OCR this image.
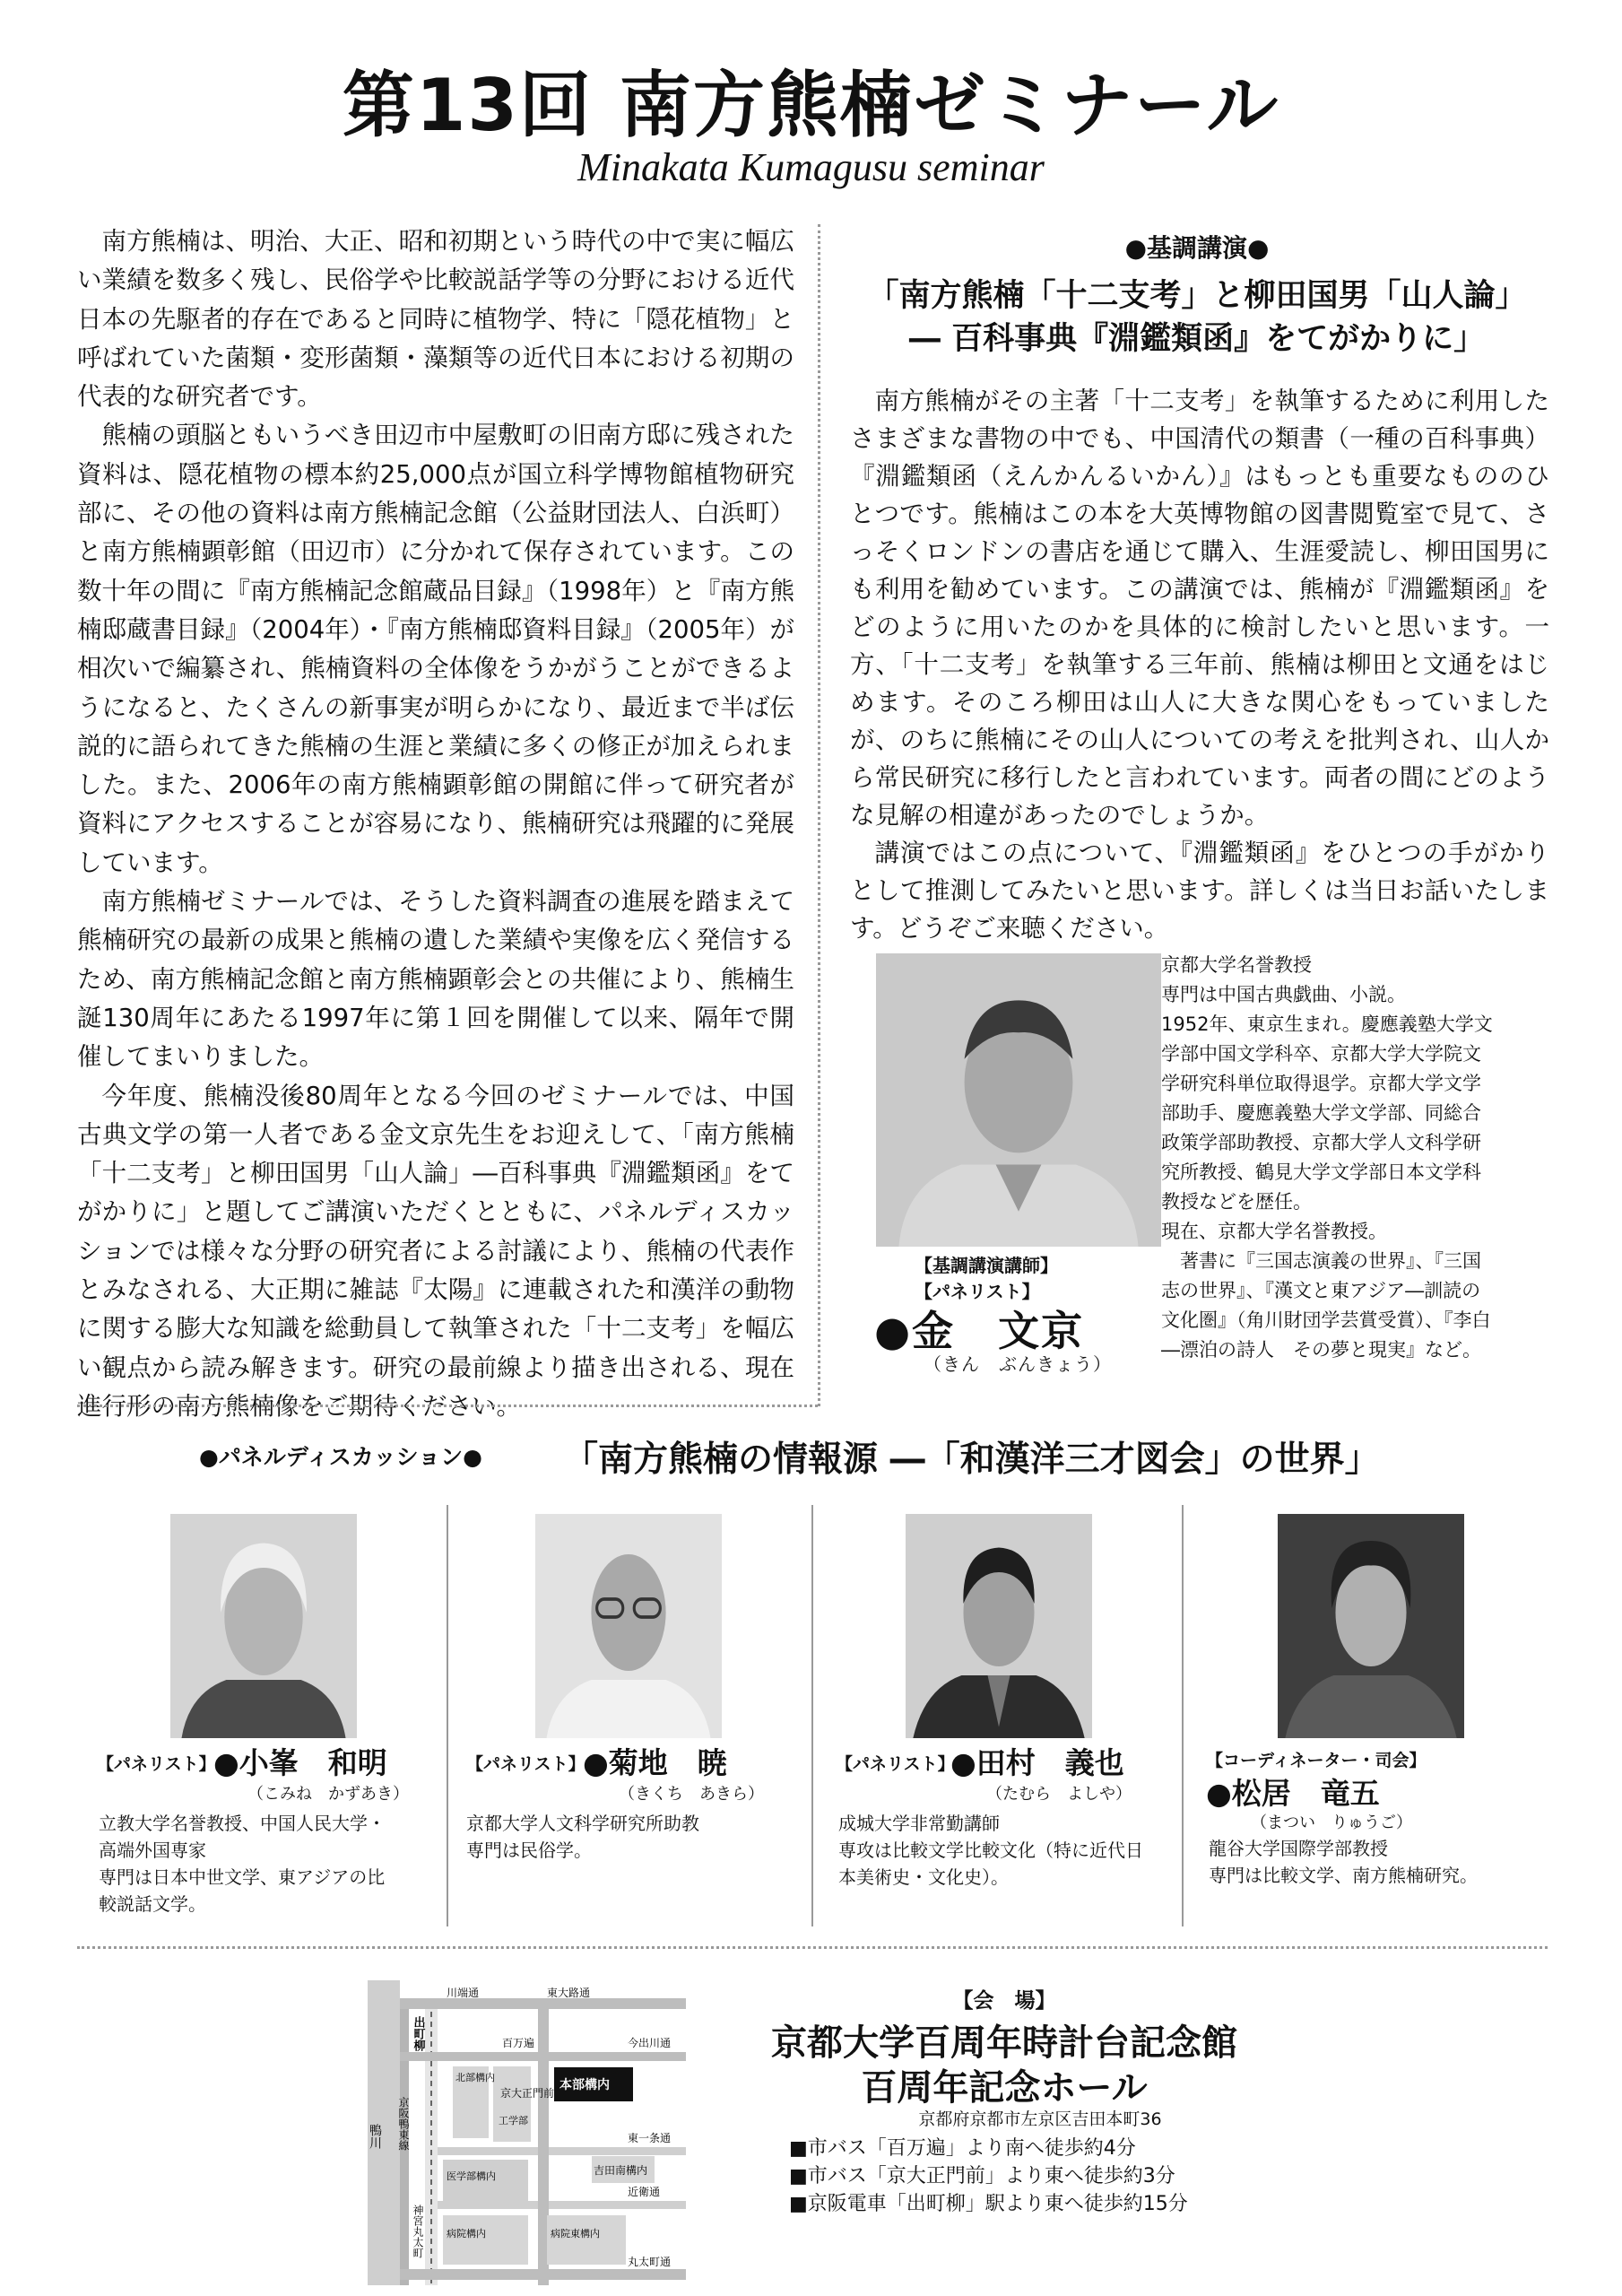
第13回 南方熊楠ゼミナール
Minakata Kumagusu seminar

南方熊楠は、明治、大正、昭和初期という時代の中で実に幅広い業績を数多く残し、民俗学や比較説話学等の分野における近代日本の先駆者的存在であると同時に植物学、特に「隠花植物」と呼ばれていた菌類・変形菌類・藻類等の近代日本における初期の代表的な研究者です。

熊楠の頭脳ともいうべき田辺市中屋敷町の旧南方邸に残された資料は、隠花植物の標本約25,000点が国立科学博物館植物研究部に、その他の資料は南方熊楠記念館（公益財団法人、白浜町）と南方熊楠顕彰館（田辺市）に分かれて保存されています。この数十年の間に『南方熊楠記念館蔵品目録』（1998年）と『南方熊楠邸蔵書目録』（2004年）・『南方熊楠邸資料目録』（2005年）が相次いで編纂され、熊楠資料の全体像をうかがうことができるようになると、たくさんの新事実が明らかになり、最近まで半ば伝説的に語られてきた熊楠の生涯と業績に多くの修正が加えられました。また、2006年の南方熊楠顕彰館の開館に伴って研究者が資料にアクセスすることが容易になり、熊楠研究は飛躍的に発展しています。

南方熊楠ゼミナールでは、そうした資料調査の進展を踏まえて熊楠研究の最新の成果と熊楠の遺した業績や実像を広く発信するため、南方熊楠記念館と南方熊楠顕彰会との共催により、熊楠生誕130周年にあたる1997年に第１回を開催して以来、隔年で開催してまいりました。

今年度、熊楠没後80周年となる今回のゼミナールでは、中国古典文学の第一人者である金文京先生をお迎えして、「南方熊楠「十二支考」と柳田国男「山人論」―百科事典『淵鑑類函』をてがかりに」と題してご講演いただくとともに、パネルディスカッションでは様々な分野の研究者による討議により、熊楠の代表作とみなされる、大正期に雑誌『太陽』に連載された和漢洋の動物に関する膨大な知識を総動員して執筆された「十二支考」を幅広い観点から読み解きます。研究の最前線より描き出される、現在進行形の南方熊楠像をご期待ください。

●基調講演●
「南方熊楠「十二支考」と柳田国男「山人論」
― 百科事典『淵鑑類函』をてがかりに」

南方熊楠がその主著「十二支考」を執筆するために利用したさまざまな書物の中でも、中国清代の類書（一種の百科事典）『淵鑑類函（えんかんるいかん）』はもっとも重要なもののひとつです。熊楠はこの本を大英博物館の図書閲覧室で見て、さっそくロンドンの書店を通じて購入、生涯愛読し、柳田国男にも利用を勧めています。この講演では、熊楠が『淵鑑類函』をどのように用いたのかを具体的に検討したいと思います。一方、「十二支考」を執筆する三年前、熊楠は柳田と文通をはじめます。そのころ柳田は山人に大きな関心をもっていましたが、のちに熊楠にその山人についての考えを批判され、山人から常民研究に移行したと言われています。両者の間にどのような見解の相違があったのでしょうか。

講演ではこの点について、『淵鑑類函』をひとつの手がかりとして推測してみたいと思います。詳しくは当日お話いたします。どうぞご来聴ください。

京都大学名誉教授
専門は中国古典戯曲、小説。
1952年、東京生まれ。慶應義塾大学文
学部中国文学科卒、京都大学大学院文
学研究科単位取得退学。京都大学文学
部助手、慶應義塾大学文学部、同総合
政策学部助教授、京都大学人文科学研
究所教授、鶴見大学文学部日本文学科
教授などを歴任。
現在、京都大学名誉教授。
　著書に『三国志演義の世界』、『三国
志の世界』、『漢文と東アジア―訓読の
文化圏』（角川財団学芸賞受賞）、『李白
―漂泊の詩人　その夢と現実』など。
【基調講演講師】
【パネリスト】
●金　文京
（きん　ぶんきょう）
●パネルディスカッション● 「南方熊楠の情報源 ―「和漢洋三才図会」の世界」
【パネリスト】
●小峯　和明
（こみね　かずあき）
立教大学名誉教授、中国人民大学・
高端外国専家
専門は日本中世文学、東アジアの比
較説話文学。
【パネリスト】
●菊地　暁
（きくち　あきら）
京都大学人文科学研究所助教
専門は民俗学。
【パネリスト】
●田村　義也
（たむら　よしや）
成城大学非常勤講師
専攻は比較文学比較文化（特に近代日
本美術史・文化史）。
【コーディネーター・司会】
●松居　竜五
（まつい　りゅうご）
龍谷大学国際学部教授
専門は比較文学、南方熊楠研究。
川端通	東大路通
百万遍	今出川通
本部構内
京大正門前
東一条通
吉田南構内
近衛通
丸太町通
北部構内
工学部
医学部構内
病院構内	病院東構内
鴨川
出町柳
京阪鴨東線
神宮丸太町
【会　場】
京都大学百周年時計台記念館
百周年記念ホール
京都府京都市左京区吉田本町36
■市バス「百万遍」より南へ徒歩約4分
■市バス「京大正門前」より東へ徒歩約3分
■京阪電車「出町柳」駅より東へ徒歩約15分
